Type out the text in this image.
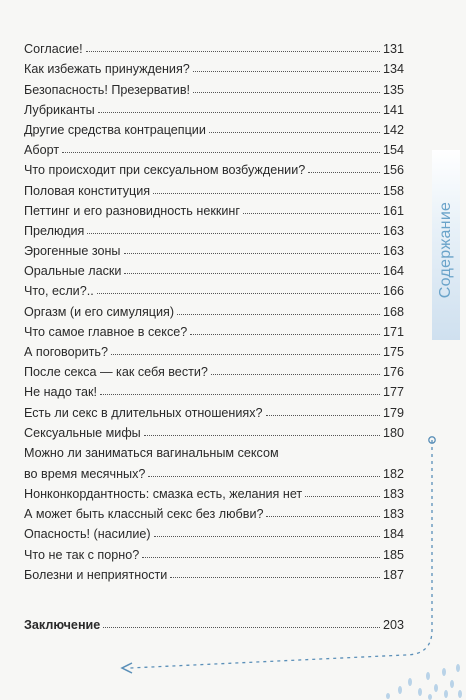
Содержание
Согласие!	131
Как избежать принуждения?	134
Безопасность! Презерватив!	135
Лубриканты	141
Другие средства контрацепции	142
Аборт	154
Что происходит при сексуальном возбуждении?	156
Половая конституция	158
Петтинг и его разновидность неккинг	161
Прелюдия	163
Эрогенные зоны	163
Оральные ласки	164
Что, если?..	166
Оргазм (и его симуляция)	168
Что самое главное в сексе?	171
А поговорить?	175
После секса — как себя вести?	176
Не надо так!	177
Есть ли секс в длительных отношениях?	179
Сексуальные мифы	180
Можно ли заниматься вагинальным сексом
во время месячных?	182
Нонконкордантность: смазка есть, желания нет	183
А может быть классный секс без любви?	183
Опасность! (насилие)	184
Что не так с порно?	185
Болезни и неприятности	187
Заключение	203
